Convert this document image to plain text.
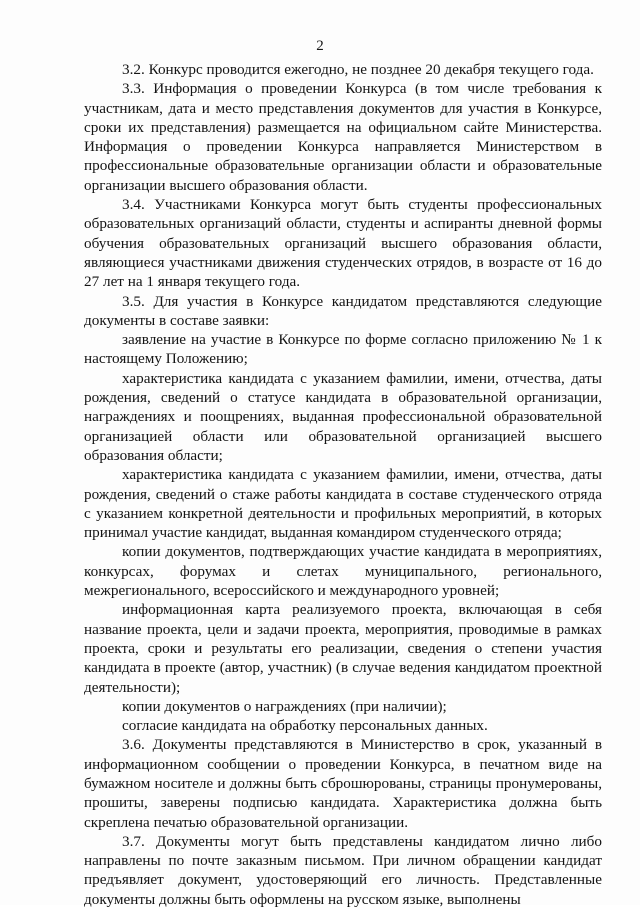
2

3.2. Конкурс проводится ежегодно, не позднее 20 декабря текущего года.

3.3. Информация о проведении Конкурса (в том числе требования к участникам, дата и место представления документов для участия в Конкурсе, сроки их представления) размещается на официальном сайте Министерства. Информация о проведении Конкурса направляется Министерством в профессиональные образовательные организации области и образовательные организации высшего образования области.

3.4. Участниками Конкурса могут быть студенты профессиональных образовательных организаций области, студенты и аспиранты дневной формы обучения образовательных организаций высшего образования области, являющиеся участниками движения студенческих отрядов, в возрасте от 16 до 27 лет на 1 января текущего года.

3.5. Для участия в Конкурсе кандидатом представляются следующие документы в составе заявки:

заявление на участие в Конкурсе по форме согласно приложению № 1 к настоящему Положению;

характеристика кандидата с указанием фамилии, имени, отчества, даты рождения, сведений о статусе кандидата в образовательной организации, награждениях и поощрениях, выданная профессиональной образовательной организацией области или образовательной организацией высшего образования области;

характеристика кандидата с указанием фамилии, имени, отчества, даты рождения, сведений о стаже работы кандидата в составе студенческого отряда с указанием конкретной деятельности и профильных мероприятий, в которых принимал участие кандидат, выданная командиром студенческого отряда;

копии документов, подтверждающих участие кандидата в мероприятиях, конкурсах, форумах и слетах муниципального, регионального, межрегионального, всероссийского и международного уровней;

информационная карта реализуемого проекта, включающая в себя название проекта, цели и задачи проекта, мероприятия, проводимые в рамках проекта, сроки и результаты его реализации, сведения о степени участия кандидата в проекте (автор, участник) (в случае ведения кандидатом проектной деятельности);

копии документов о награждениях (при наличии);

согласие кандидата на обработку персональных данных.

3.6. Документы представляются в Министерство в срок, указанный в информационном сообщении о проведении Конкурса, в печатном виде на бумажном носителе и должны быть сброшюрованы, страницы пронумерованы, прошиты, заверены подписью кандидата. Характеристика должна быть скреплена печатью образовательной организации.

3.7. Документы могут быть представлены кандидатом лично либо направлены по почте заказным письмом. При личном обращении кандидат предъявляет документ, удостоверяющий его личность. Представленные документы должны быть оформлены на русском языке, выполнены
